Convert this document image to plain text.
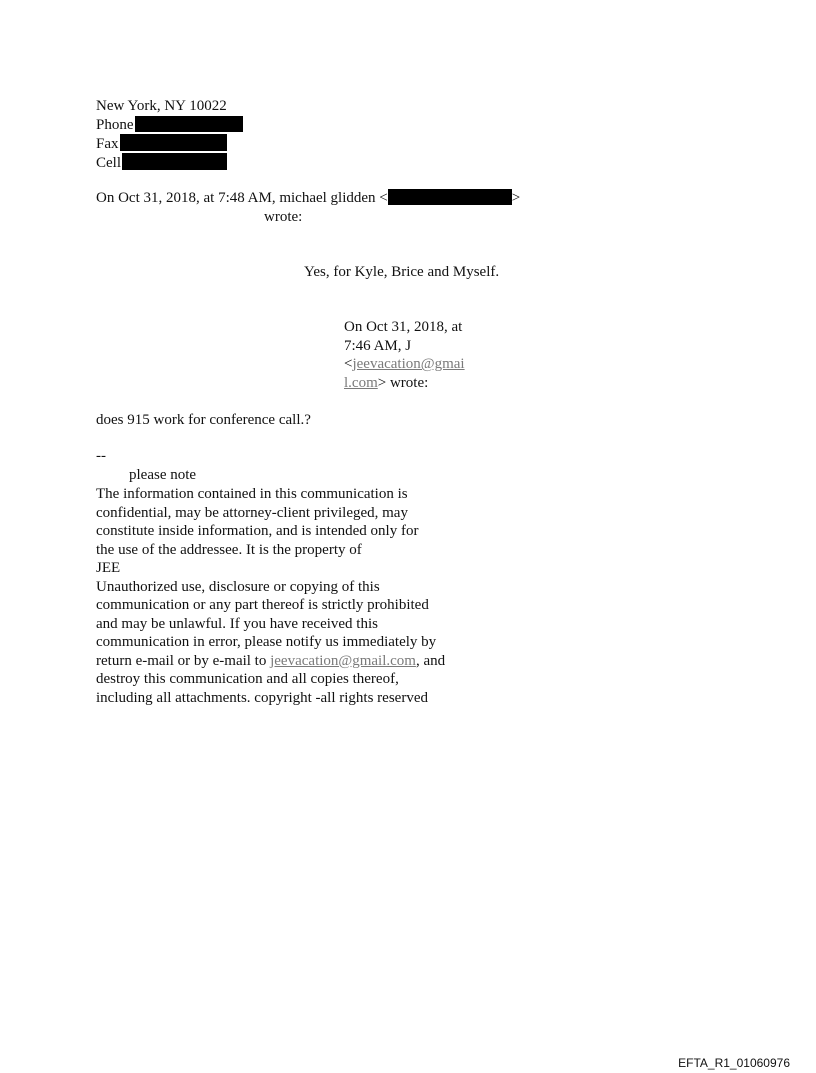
New York, NY 10022
Phone
Fax
Cell
On Oct 31, 2018, at 7:48 AM, michael glidden <	>
wrote:
Yes, for Kyle, Brice and Myself.
On Oct 31, 2018, at
7:46 AM, J
<jeevacation@gmai
l.com> wrote:
does 915 work for conference call.?
--
please note
The information contained in this communication is
confidential, may be attorney-client privileged, may
constitute inside information, and is intended only for
the use of the addressee. It is the property of
JEE
Unauthorized use, disclosure or copying of this
communication or any part thereof is strictly prohibited
and may be unlawful. If you have received this
communication in error, please notify us immediately by
return e-mail or by e-mail to jeevacation@gmail.com, and
destroy this communication and all copies thereof,
including all attachments. copyright -all rights reserved
EFTA_R1_01060976
